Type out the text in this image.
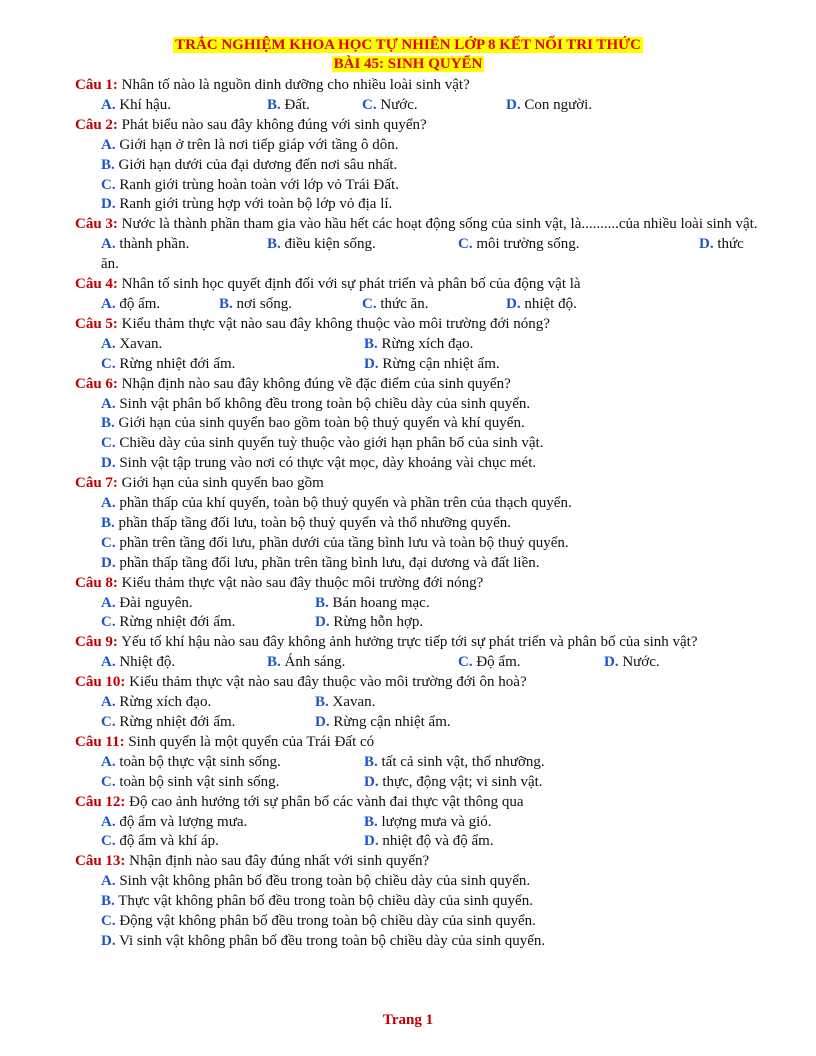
TRẮC NGHIỆM KHOA HỌC TỰ NHIÊN LỚP 8 KẾT NỐI TRI THỨC
BÀI 45: SINH QUYỂN
Câu 1: Nhân tố nào là nguồn dinh dưỡng cho nhiều loài sinh vật?
A. Khí hậu.	B. Đất.	C. Nước.	D. Con người.
Câu 2: Phát biểu nào sau đây không đúng với sinh quyển?
A. Giới hạn ở trên là nơi tiếp giáp với tầng ô dôn.
B. Giới hạn dưới của đại dương đến nơi sâu nhất.
C. Ranh giới trùng hoàn toàn với lớp vỏ Trái Đất.
D. Ranh giới trùng hợp với toàn bộ lớp vỏ địa lí.
Câu 3: Nước là thành phần tham gia vào hầu hết các hoạt động sống của sinh vật, là..........của nhiều loài sinh vật.
A. thành phần.	B. điều kiện sống.	C. môi trường sống.	D. thức
ăn.
Câu 4: Nhân tố sinh học quyết định đối với sự phát triển và phân bố của động vật là
A. độ ẩm.	B. nơi sống.	C. thức ăn.	D. nhiệt độ.
Câu 5: Kiểu thảm thực vật nào sau đây không thuộc vào môi trường đới nóng?
A. Xavan.	B. Rừng xích đạo.
C. Rừng nhiệt đới ẩm.	D. Rừng cận nhiệt ẩm.
Câu 6: Nhận định nào sau đây không đúng về đặc điểm của sinh quyển?
A. Sinh vật phân bố không đều trong toàn bộ chiều dày của sinh quyển.
B. Giới hạn của sinh quyển bao gồm toàn bộ thuỷ quyển và khí quyển.
C. Chiều dày của sinh quyển tuỳ thuộc vào giới hạn phân bố của sinh vật.
D. Sinh vật tập trung vào nơi có thực vật mọc, dày khoảng vài chục mét.
Câu 7: Giới hạn của sinh quyển bao gồm
A. phần thấp của khí quyển, toàn bộ thuỷ quyển và phần trên của thạch quyển.
B. phần thấp tầng đối lưu, toàn bộ thuỷ quyển và thổ nhưỡng quyển.
C. phần trên tầng đối lưu, phần dưới của tầng bình lưu và toàn bộ thuỷ quyển.
D. phần thấp tầng đối lưu, phần trên tầng bình lưu, đại dương và đất liền.
Câu 8: Kiểu thảm thực vật nào sau đây thuộc môi trường đới nóng?
A. Đài nguyên.	B. Bán hoang mạc.
C. Rừng nhiệt đới ẩm.	D. Rừng hỗn hợp.
Câu 9: Yếu tố khí hậu nào sau đây không ảnh hưởng trực tiếp tới sự phát triển và phân bố của sinh vật?
A. Nhiệt độ.	B. Ánh sáng.	C. Độ ẩm.	D. Nước.
Câu 10: Kiểu thảm thực vật nào sau đây thuộc vào môi trường đới ôn hoà?
A. Rừng xích đạo.	B. Xavan.
C. Rừng nhiệt đới ẩm.	D. Rừng cận nhiệt ẩm.
Câu 11: Sinh quyển là một quyển của Trái Đất có
A. toàn bộ thực vật sinh sống.	B. tất cả sinh vật, thổ nhưỡng.
C. toàn bộ sinh vật sinh sống.	D. thực, động vật; vi sinh vật.
Câu 12: Độ cao ảnh hưởng tới sự phân bố các vành đai thực vật thông qua
A. độ ẩm và lượng mưa.	B. lượng mưa và gió.
C. độ ẩm và khí áp.	D. nhiệt độ và độ ẩm.
Câu 13: Nhận định nào sau đây đúng nhất với sinh quyển?
A. Sinh vật không phân bố đều trong toàn bộ chiều dày của sinh quyển.
B. Thực vật không phân bố đều trong toàn bộ chiều dày của sinh quyển.
C. Động vật không phân bố đều trong toàn bộ chiều dày của sinh quyển.
D. Vi sinh vật không phân bố đều trong toàn bộ chiều dày của sinh quyển.
Trang 1
